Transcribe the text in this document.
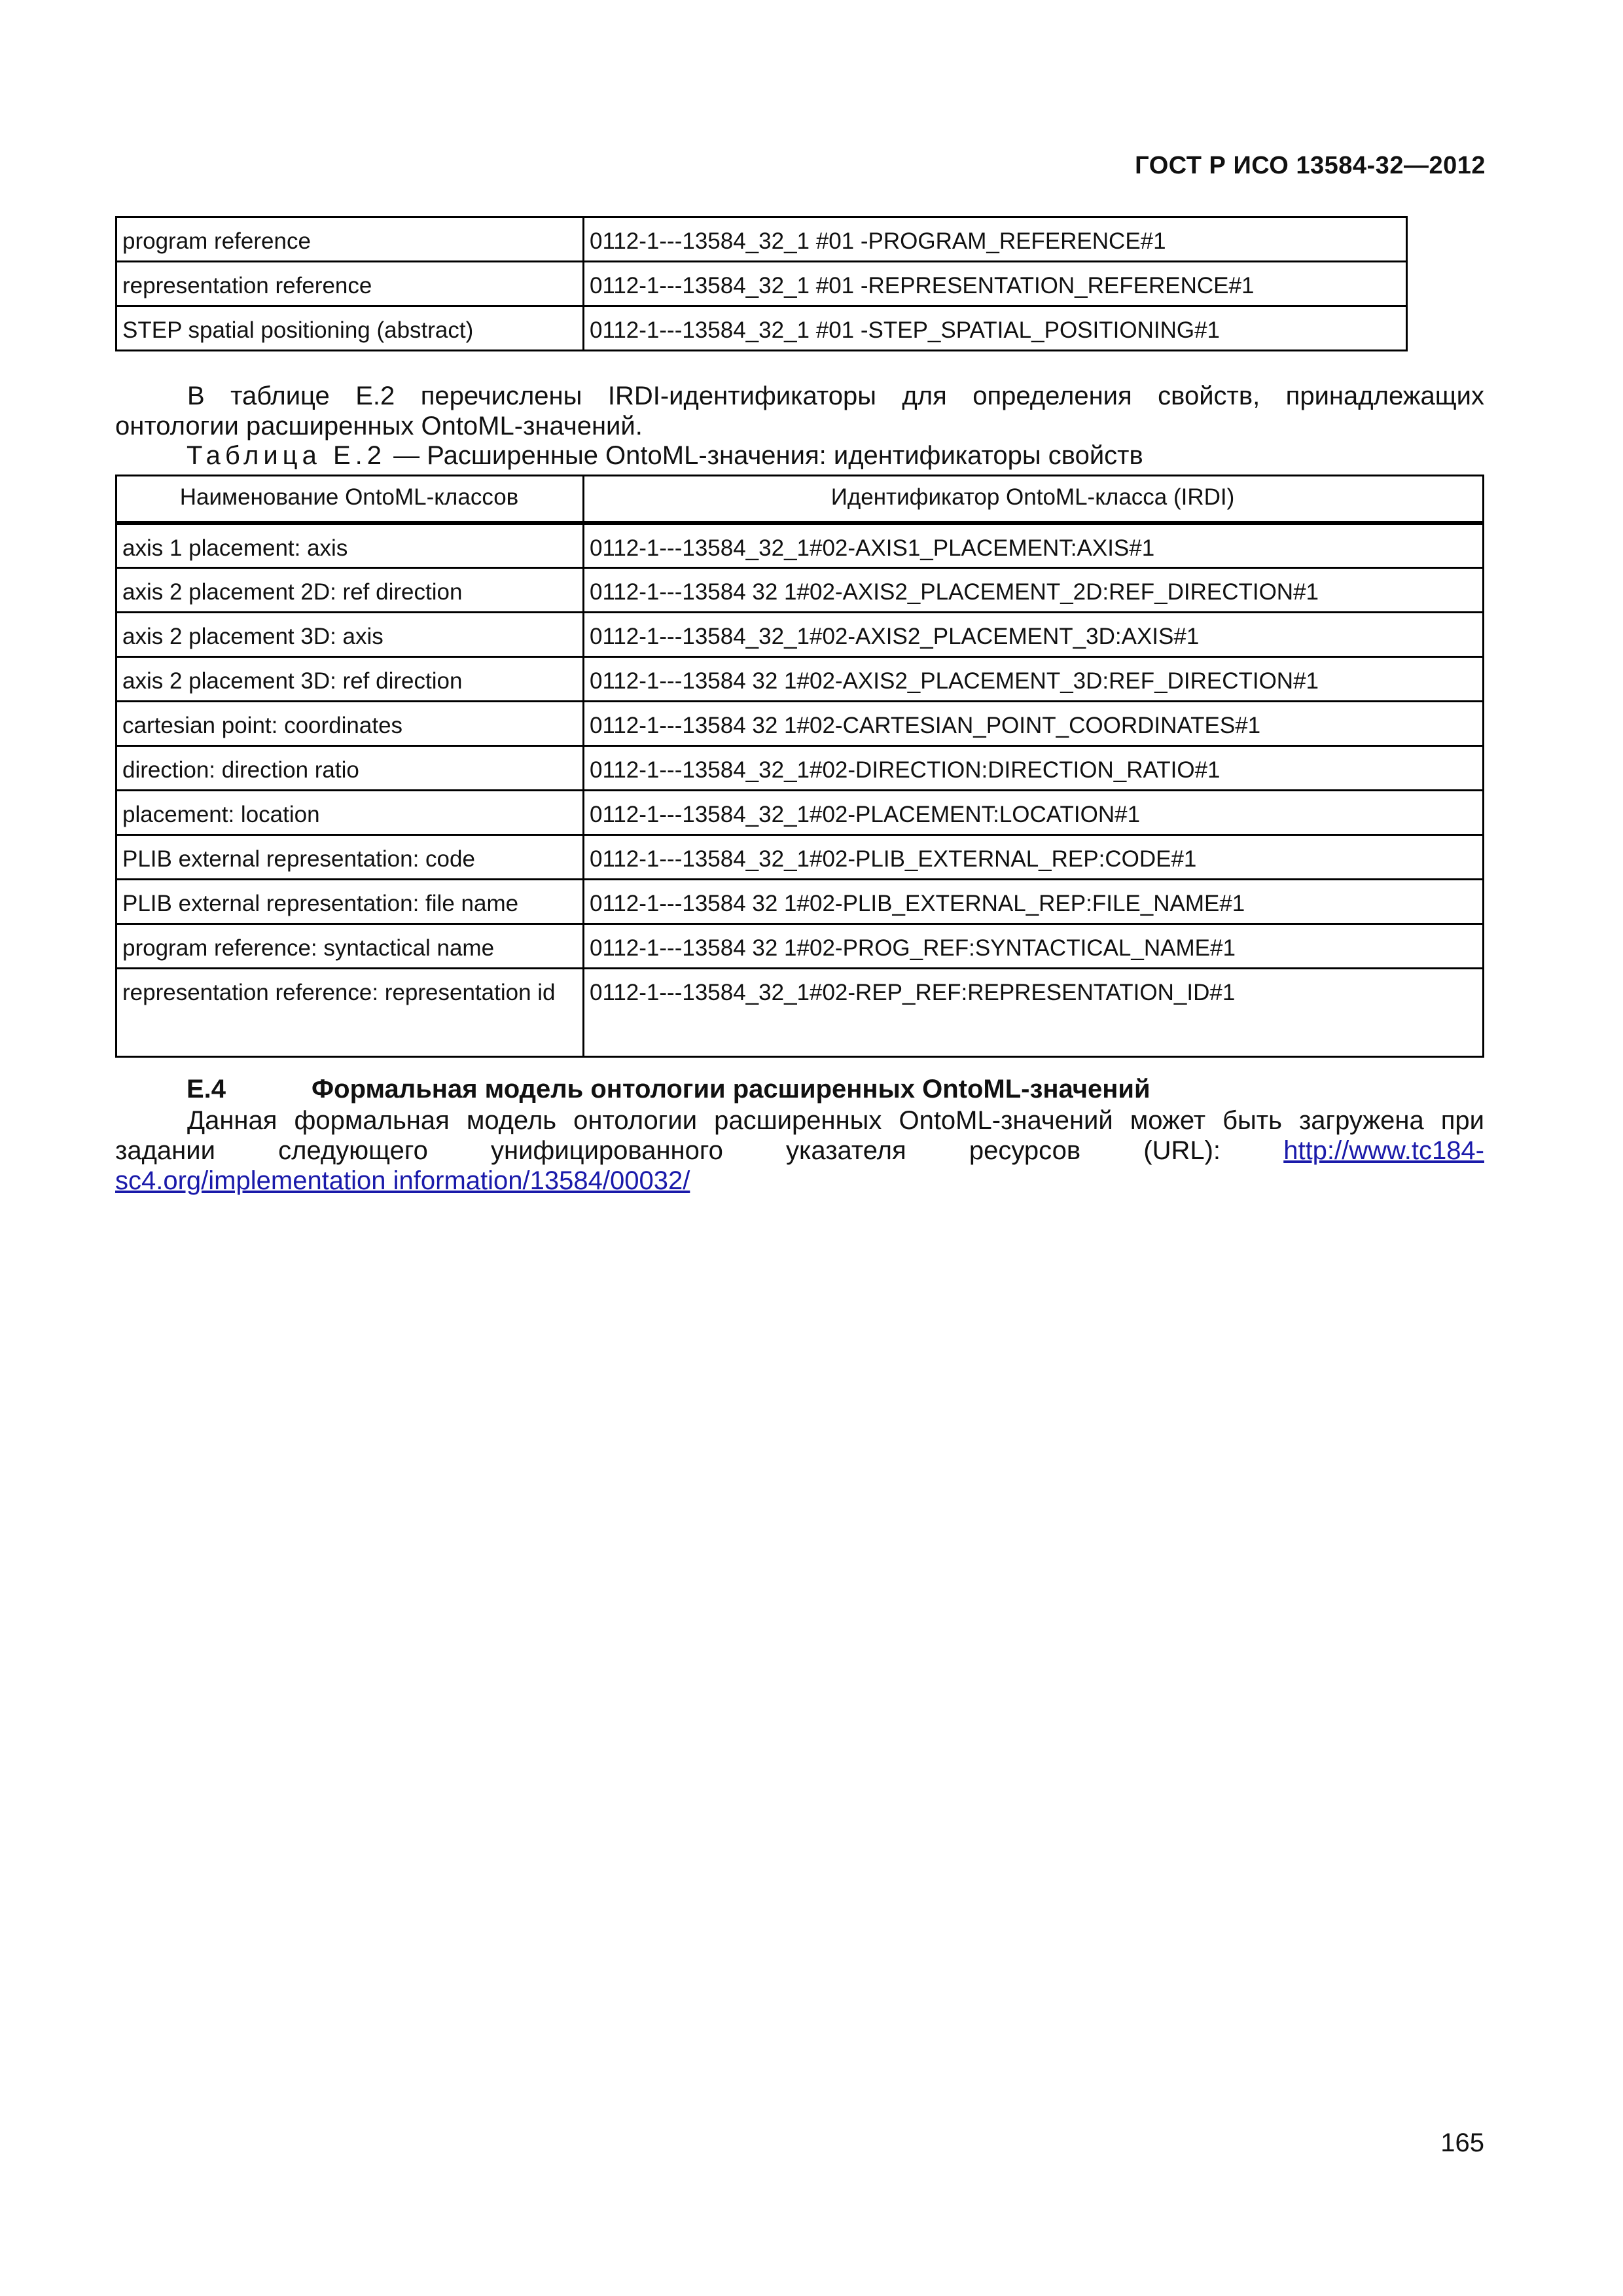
ГОСТ Р ИСО 13584-32—2012
program reference	0112-1---13584_32_1 #01 -PROGRAM_REFERENCE#1
representation reference	0112-1---13584_32_1 #01 -REPRESENTATION_REFERENCE#1
STEP spatial positioning (abstract)	0112-1---13584_32_1 #01 -STEP_SPATIAL_POSITIONING#1
В таблице Е.2 перечислены IRDI-идентификаторы для определения свойств, принадлежащих
онтологии расширенных OntoML-значений.
Таблица Е.2 — Расширенные OntoML-значения: идентификаторы свойств
Наименование OntoML-классов	Идентификатор OntoML-класса (IRDI)
axis 1 placement: axis	0112-1---13584_32_1#02-AXIS1_PLACEMENT:AXIS#1
axis 2 placement 2D: ref direction	0112-1---13584 32 1#02-AXIS2_PLACEMENT_2D:REF_DIRECTION#1
axis 2 placement 3D: axis	0112-1---13584_32_1#02-AXIS2_PLACEMENT_3D:AXIS#1
axis 2 placement 3D: ref direction	0112-1---13584 32 1#02-AXIS2_PLACEMENT_3D:REF_DIRECTION#1
cartesian point: coordinates	0112-1---13584 32 1#02-CARTESIAN_POINT_COORDINATES#1
direction: direction ratio	0112-1---13584_32_1#02-DIRECTION:DIRECTION_RATIO#1
placement: location	0112-1---13584_32_1#02-PLACEMENT:LOCATION#1
PLIB external representation: code	0112-1---13584_32_1#02-PLIB_EXTERNAL_REP:CODE#1
PLIB external representation: file name	0112-1---13584 32 1#02-PLIB_EXTERNAL_REP:FILE_NAME#1
program reference: syntactical name	0112-1---13584 32 1#02-PROG_REF:SYNTACTICAL_NAME#1
representation reference: representation id	0112-1---13584_32_1#02-REP_REF:REPRESENTATION_ID#1
Е.4	Формальная модель онтологии расширенных OntoML-значений
Данная формальная модель онтологии расширенных OntoML-значений может быть загружена при
задании следующего унифицированного указателя ресурсов (URL): http://www.tc184-
sc4.org/implementation information/13584/00032/
165
